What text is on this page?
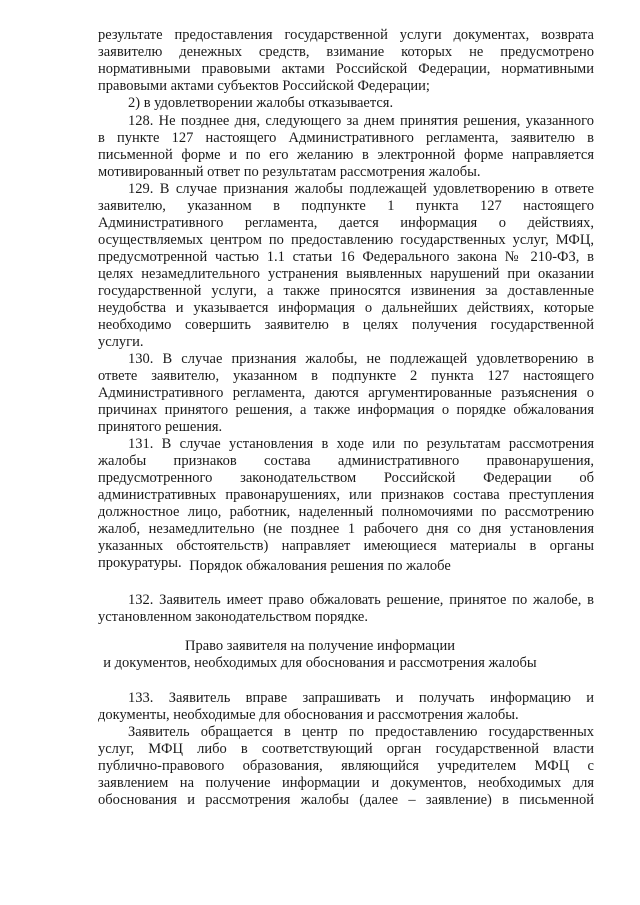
результате предоставления государственной услуги документах, возврата

заявителю денежных средств, взимание которых не предусмотрено

нормативными правовыми актами Российской Федерации, нормативными

правовыми актами субъектов Российской Федерации;

2) в удовлетворении жалобы отказывается.

128. Не позднее дня, следующего за днем принятия решения, указанного

в пункте 127 настоящего Административного регламента, заявителю в

письменной форме и по его желанию в электронной форме направляется

мотивированный ответ по результатам рассмотрения жалобы.

129. В случае признания жалобы подлежащей удовлетворению в ответе

заявителю, указанном в подпункте 1 пункта 127 настоящего

Административного регламента, дается информация о действиях,

осуществляемых центром по предоставлению государственных услуг, МФЦ,

предусмотренной частью 1.1 статьи 16 Федерального закона № 210-ФЗ, в

целях незамедлительного устранения выявленных нарушений при оказании

государственной услуги, а также приносятся извинения за доставленные

неудобства и указывается информация о дальнейших действиях, которые

необходимо совершить заявителю в целях получения государственной

услуги.

130. В случае признания жалобы, не подлежащей удовлетворению в

ответе заявителю, указанном в подпункте 2 пункта 127 настоящего

Административного регламента, даются аргументированные разъяснения о

причинах принятого решения, а также информация о порядке обжалования

принятого решения.

131. В случае установления в ходе или по результатам рассмотрения

жалобы признаков состава административного правонарушения,

предусмотренного законодательством Российской Федерации об

административных правонарушениях, или признаков состава преступления

должностное лицо, работник, наделенный полномочиями по рассмотрению

жалоб, незамедлительно (не позднее 1 рабочего дня со дня установления

указанных обстоятельств) направляет имеющиеся материалы в органы

прокуратуры. Порядок обжалования решения по жалобе

132. Заявитель имеет право обжаловать решение, принятое по жалобе, в

установленном законодательством порядке.

Право заявителя на получение информации

и документов, необходимых для обоснования и рассмотрения жалобы

133. Заявитель вправе запрашивать и получать информацию и

документы, необходимые для обоснования и рассмотрения жалобы.

Заявитель обращается в центр по предоставлению государственных

услуг, МФЦ либо в соответствующий орган государственной власти

публично-правового образования, являющийся учредителем МФЦ с

заявлением на получение информации и документов, необходимых для

обоснования и рассмотрения жалобы (далее – заявление) в письменной
